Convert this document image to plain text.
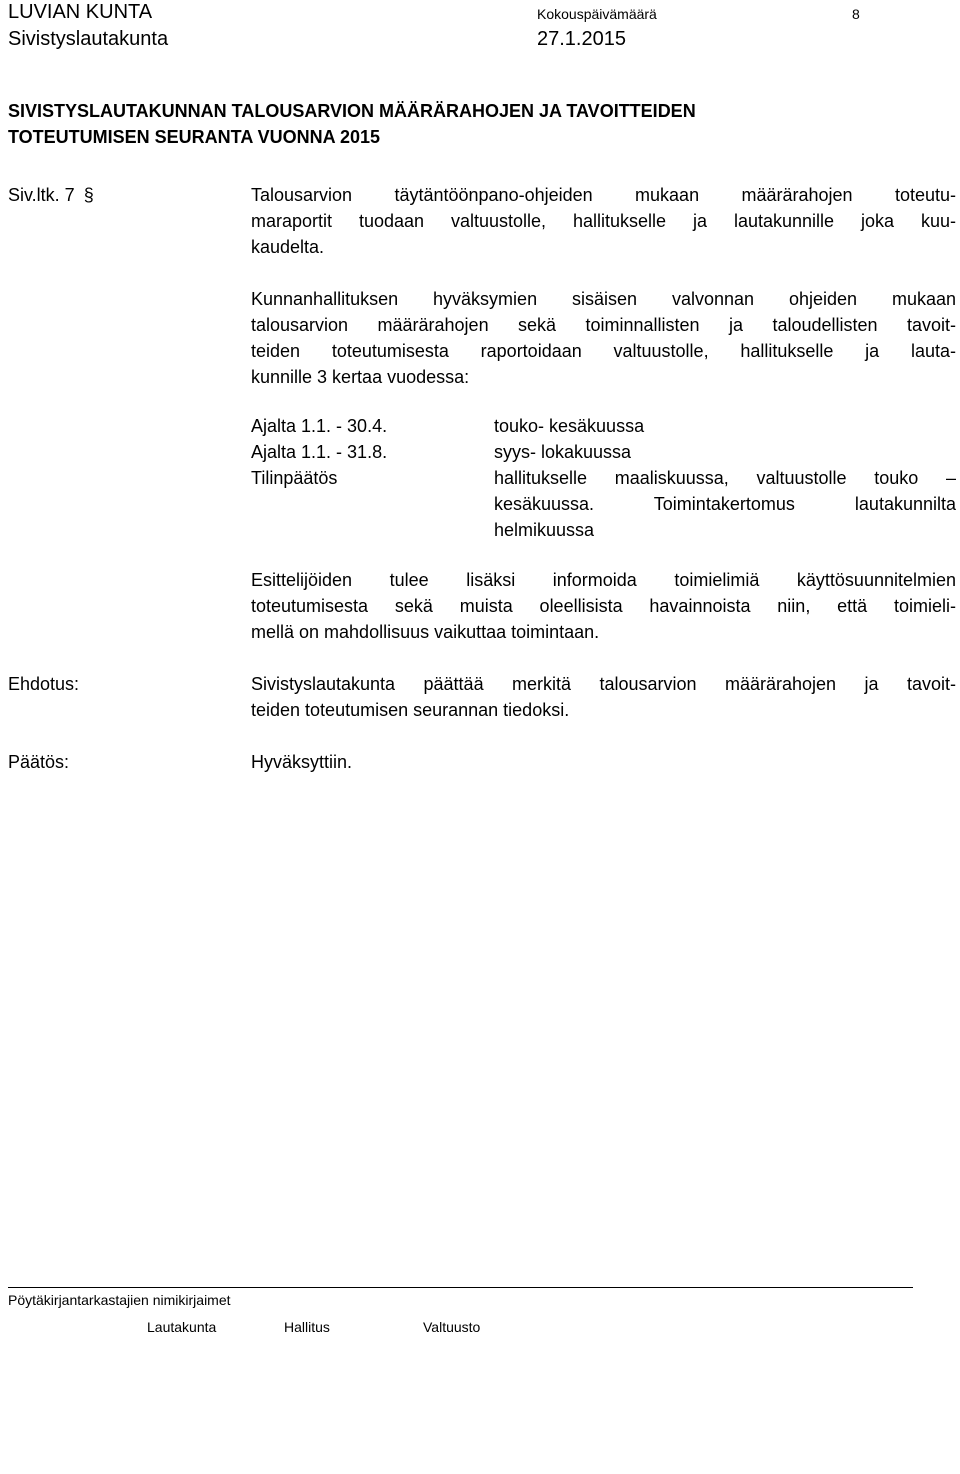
LUVIAN KUNTA
Sivistyslautakunta
Kokouspäivämäärä
27.1.2015
8
SIVISTYSLAUTAKUNNAN TALOUSARVION MÄÄRÄRAHOJEN JA TAVOITTEIDEN
TOTEUTUMISEN SEURANTA VUONNA 2015
Siv.ltk. 7 §	Talousarvion täytäntöönpano-ohjeiden mukaan määrärahojen toteutu-
maraportit tuodaan valtuustolle, hallitukselle ja lautakunnille joka kuu-
kaudelta.
Kunnanhallituksen hyväksymien sisäisen valvonnan ohjeiden mukaan
talousarvion määrärahojen sekä toiminnallisten ja taloudellisten tavoit-
teiden toteutumisesta raportoidaan valtuustolle, hallitukselle ja lauta-
kunnille 3 kertaa vuodessa:
Ajalta 1.1. - 30.4.	touko- kesäkuussa
Ajalta 1.1. - 31.8.	syys- lokakuussa
Tilinpäätös	hallitukselle maaliskuussa, valtuustolle touko –
kesäkuussa. Toimintakertomus lautakunnilta
helmikuussa
Esittelijöiden tulee lisäksi informoida toimielimiä käyttösuunnitelmien
toteutumisesta sekä muista oleellisista havainnoista niin, että toimieli-
mellä on mahdollisuus vaikuttaa toimintaan.
Ehdotus:	Sivistyslautakunta päättää merkitä talousarvion määrärahojen ja tavoit-
teiden toteutumisen seurannan tiedoksi.
Päätös:	Hyväksyttiin.
Pöytäkirjantarkastajien nimikirjaimet
Lautakunta	Hallitus	Valtuusto
